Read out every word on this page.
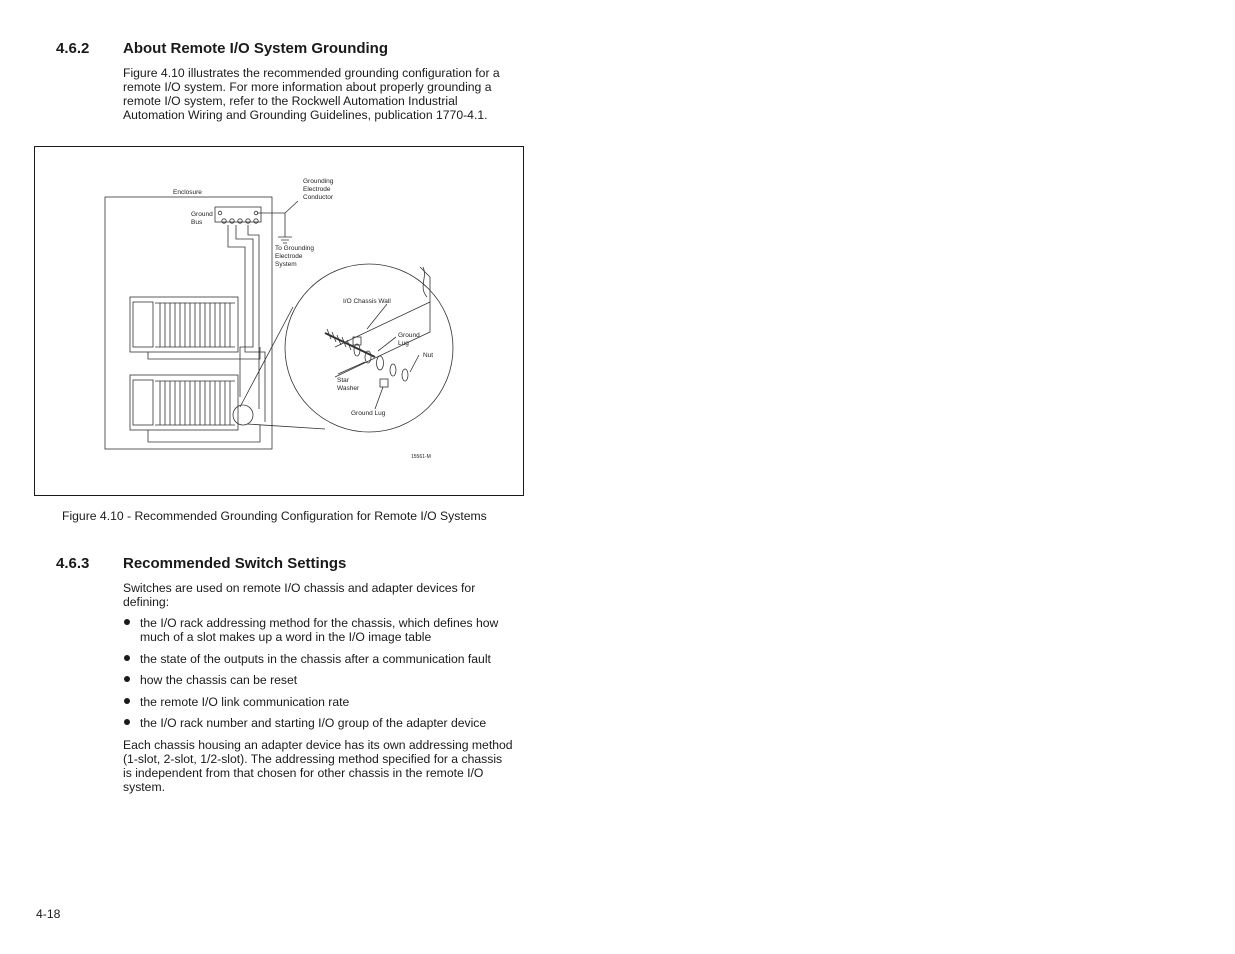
4.6.2 About Remote I/O System Grounding

Figure 4.10 illustrates the recommended grounding configuration for a remote I/O system. For more information about properly grounding a remote I/O system, refer to the Rockwell Automation Industrial Automation Wiring and Grounding Guidelines, publication 1770-4.1.

Enclosure
Ground
Bus
Grounding
Electrode
Conductor
To Grounding
Electrode
System
I/O Chassis Wall
Ground
Lug
Nut
Star
Washer
Ground Lug
15561-M
Figure 4.10 - Recommended Grounding Configuration for Remote I/O Systems
4.6.3 Recommended Switch Settings

Switches are used on remote I/O chassis and adapter devices for defining:

the I/O rack addressing method for the chassis, which defines how much of a slot makes up a word in the I/O image table
the state of the outputs in the chassis after a communication fault
how the chassis can be reset
the remote I/O link communication rate
the I/O rack number and starting I/O group of the adapter device

Each chassis housing an adapter device has its own addressing method (1-slot, 2-slot, 1/2-slot). The addressing method specified for a chassis is independent from that chosen for other chassis in the remote I/O system.

4-18
